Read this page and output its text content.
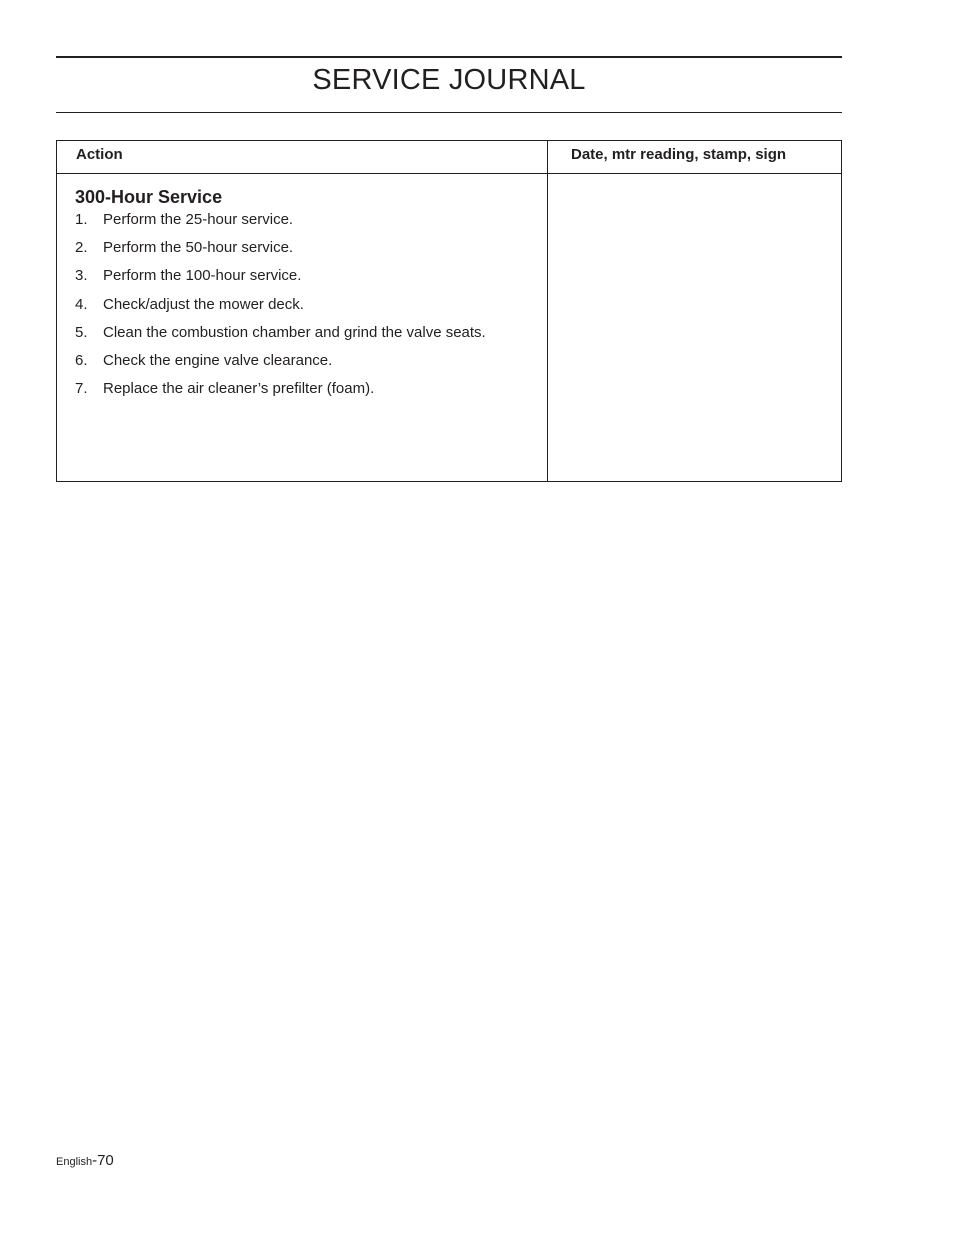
SERVICE JOURNAL
Action	Date, mtr reading, stamp, sign
300-Hour Service
1. Perform the 25-hour service.
2. Perform the 50-hour service.
3. Perform the 100-hour service.
4. Check/adjust the mower deck.
5. Clean the combustion chamber and grind the valve seats.
6. Check the engine valve clearance.
7. Replace the air cleaner’s prefilter (foam).
English-70
